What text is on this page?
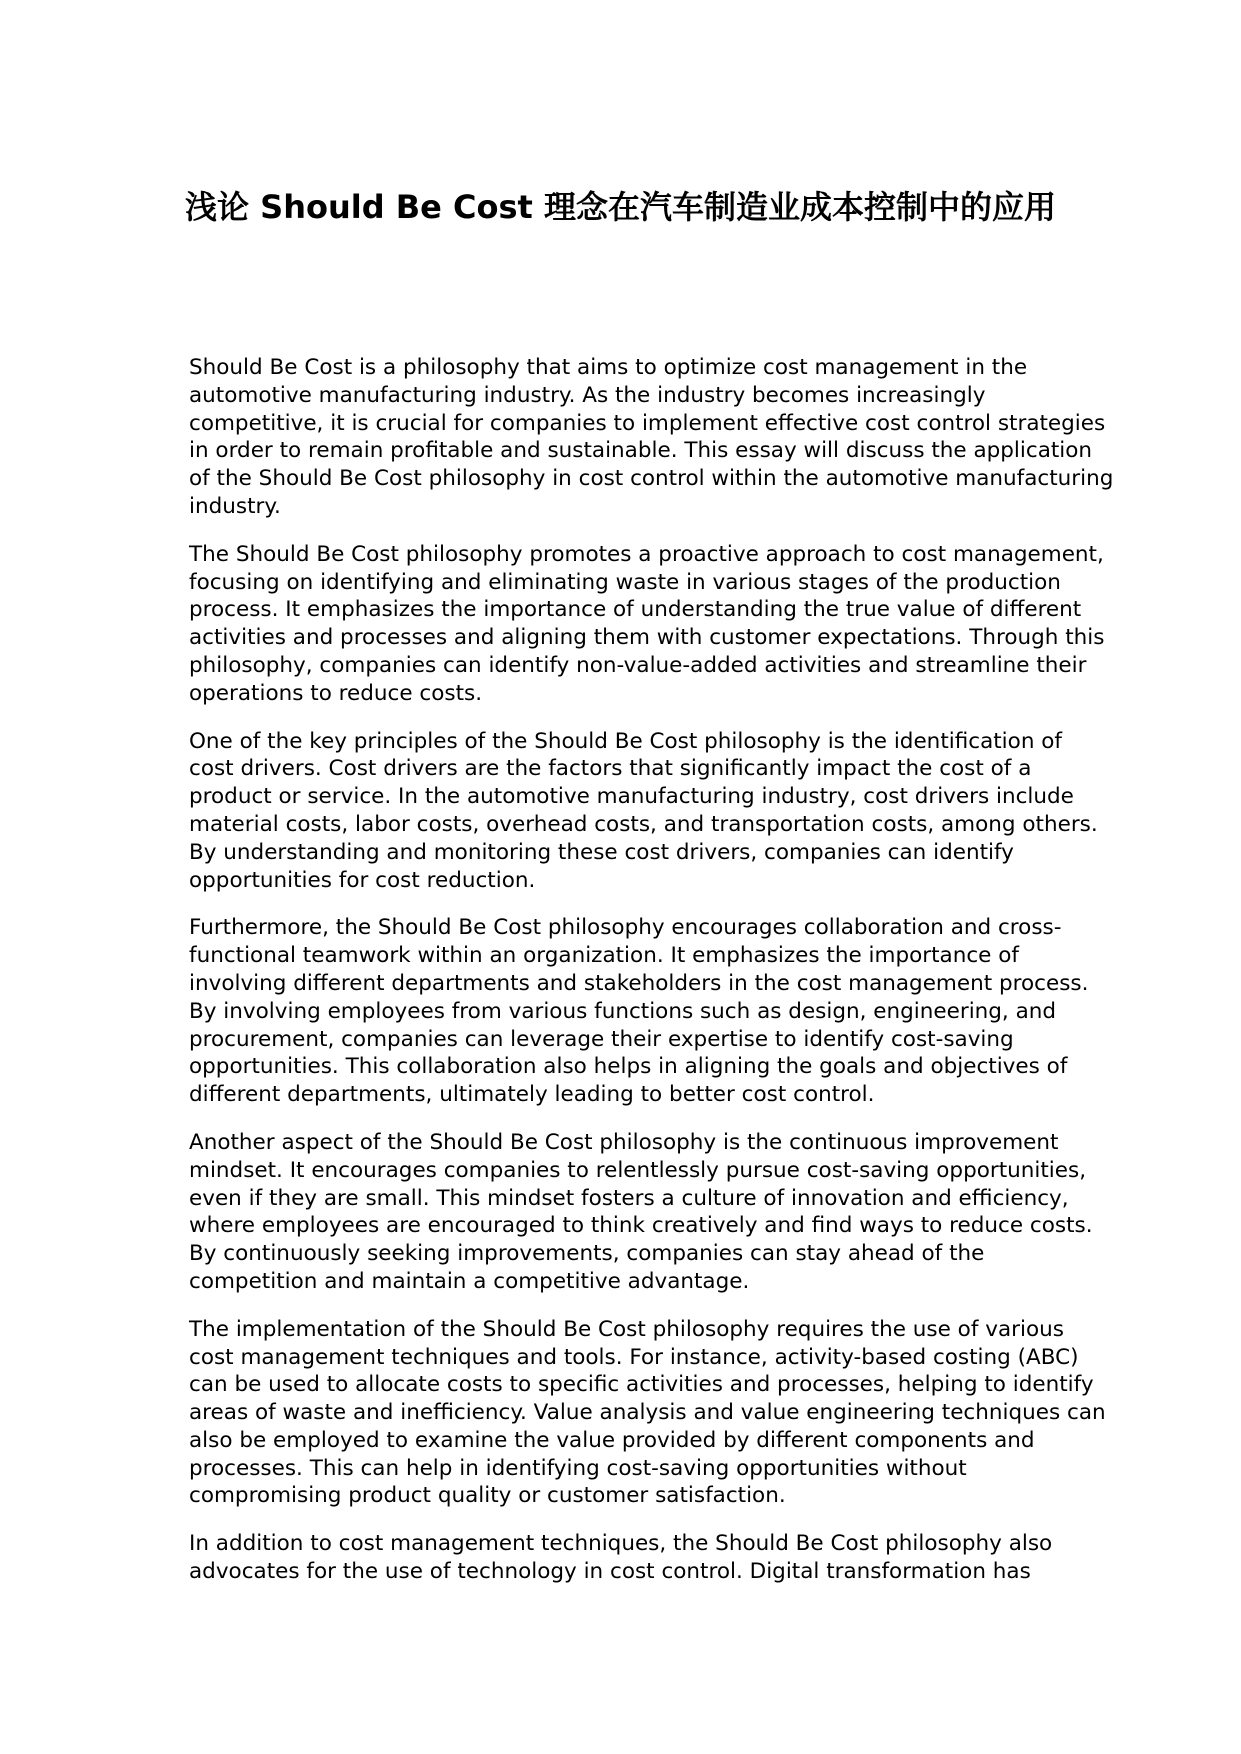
浅论 Should Be Cost 理念在汽车制造业成本控制中的应用

Should Be Cost is a philosophy that aims to optimize cost management in the
automotive manufacturing industry. As the industry becomes increasingly
competitive, it is crucial for companies to implement effective cost control strategies
in order to remain profitable and sustainable. This essay will discuss the application
of the Should Be Cost philosophy in cost control within the automotive manufacturing
industry.

The Should Be Cost philosophy promotes a proactive approach to cost management,
focusing on identifying and eliminating waste in various stages of the production
process. It emphasizes the importance of understanding the true value of different
activities and processes and aligning them with customer expectations. Through this
philosophy, companies can identify non-value-added activities and streamline their
operations to reduce costs.

One of the key principles of the Should Be Cost philosophy is the identification of
cost drivers. Cost drivers are the factors that significantly impact the cost of a
product or service. In the automotive manufacturing industry, cost drivers include
material costs, labor costs, overhead costs, and transportation costs, among others.
By understanding and monitoring these cost drivers, companies can identify
opportunities for cost reduction.

Furthermore, the Should Be Cost philosophy encourages collaboration and cross-
functional teamwork within an organization. It emphasizes the importance of
involving different departments and stakeholders in the cost management process.
By involving employees from various functions such as design, engineering, and
procurement, companies can leverage their expertise to identify cost-saving
opportunities. This collaboration also helps in aligning the goals and objectives of
different departments, ultimately leading to better cost control.

Another aspect of the Should Be Cost philosophy is the continuous improvement
mindset. It encourages companies to relentlessly pursue cost-saving opportunities,
even if they are small. This mindset fosters a culture of innovation and efficiency,
where employees are encouraged to think creatively and find ways to reduce costs.
By continuously seeking improvements, companies can stay ahead of the
competition and maintain a competitive advantage.

The implementation of the Should Be Cost philosophy requires the use of various
cost management techniques and tools. For instance, activity-based costing (ABC)
can be used to allocate costs to specific activities and processes, helping to identify
areas of waste and inefficiency. Value analysis and value engineering techniques can
also be employed to examine the value provided by different components and
processes. This can help in identifying cost-saving opportunities without
compromising product quality or customer satisfaction.

In addition to cost management techniques, the Should Be Cost philosophy also
advocates for the use of technology in cost control. Digital transformation has
